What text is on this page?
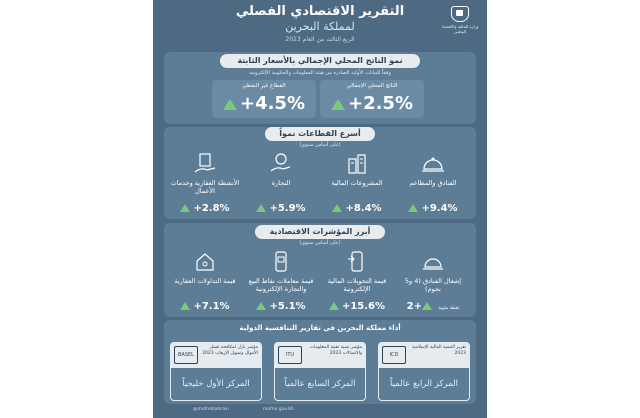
وزارة المالية والاقتصاد الوطني
التقرير الاقتصادي الفصلي
لمملكة البحرين
الربع الثالث من العام 2023
نمو الناتج المحلي الإجمالي بالأسعار الثابتة
وفقاً للبيانات الأولية الصادرة من هيئة المعلومات والحكومة الإلكترونية
الناتج المحلي الإجمالي
+2.5%
القطاع غير النفطي
+4.5%
أسرع القطاعات نمواً
(على أساس سنوي)
الفنادق والمطاعم
+9.4%
المشروعات المالية
+8.4%
التجارة
+5.9%
الأنشطة العقارية وخدمات الأعمال
+2.8%
أبرز المؤشرات الاقتصادية
(على أساس سنوي)
إشغال الفنادق (4 و5 نجوم)
نقطة مئوية +2
قيمة التحويلات المالية الإلكترونية
+15.6%
قيمة معاملات نقاط البيع والتجارة الإلكترونية
+5.1%
قيمة التداولات العقارية
+7.1%
أداء مملكة البحرين في تقارير التنافسية الدولية
تقرير التنمية المالية الإسلامية 2023
ICD
المركز الرابع عالمياً
مؤشر تنمية تقنية المعلومات والاتصالات 2023
ITU
المركز السابع عالمياً
مؤشر بازل لمكافحة غسل الأموال وتمويل الإرهاب 2023
BASEL
المركز الأول خليجياً
@mofnebahrain	mofne.gov.bh
